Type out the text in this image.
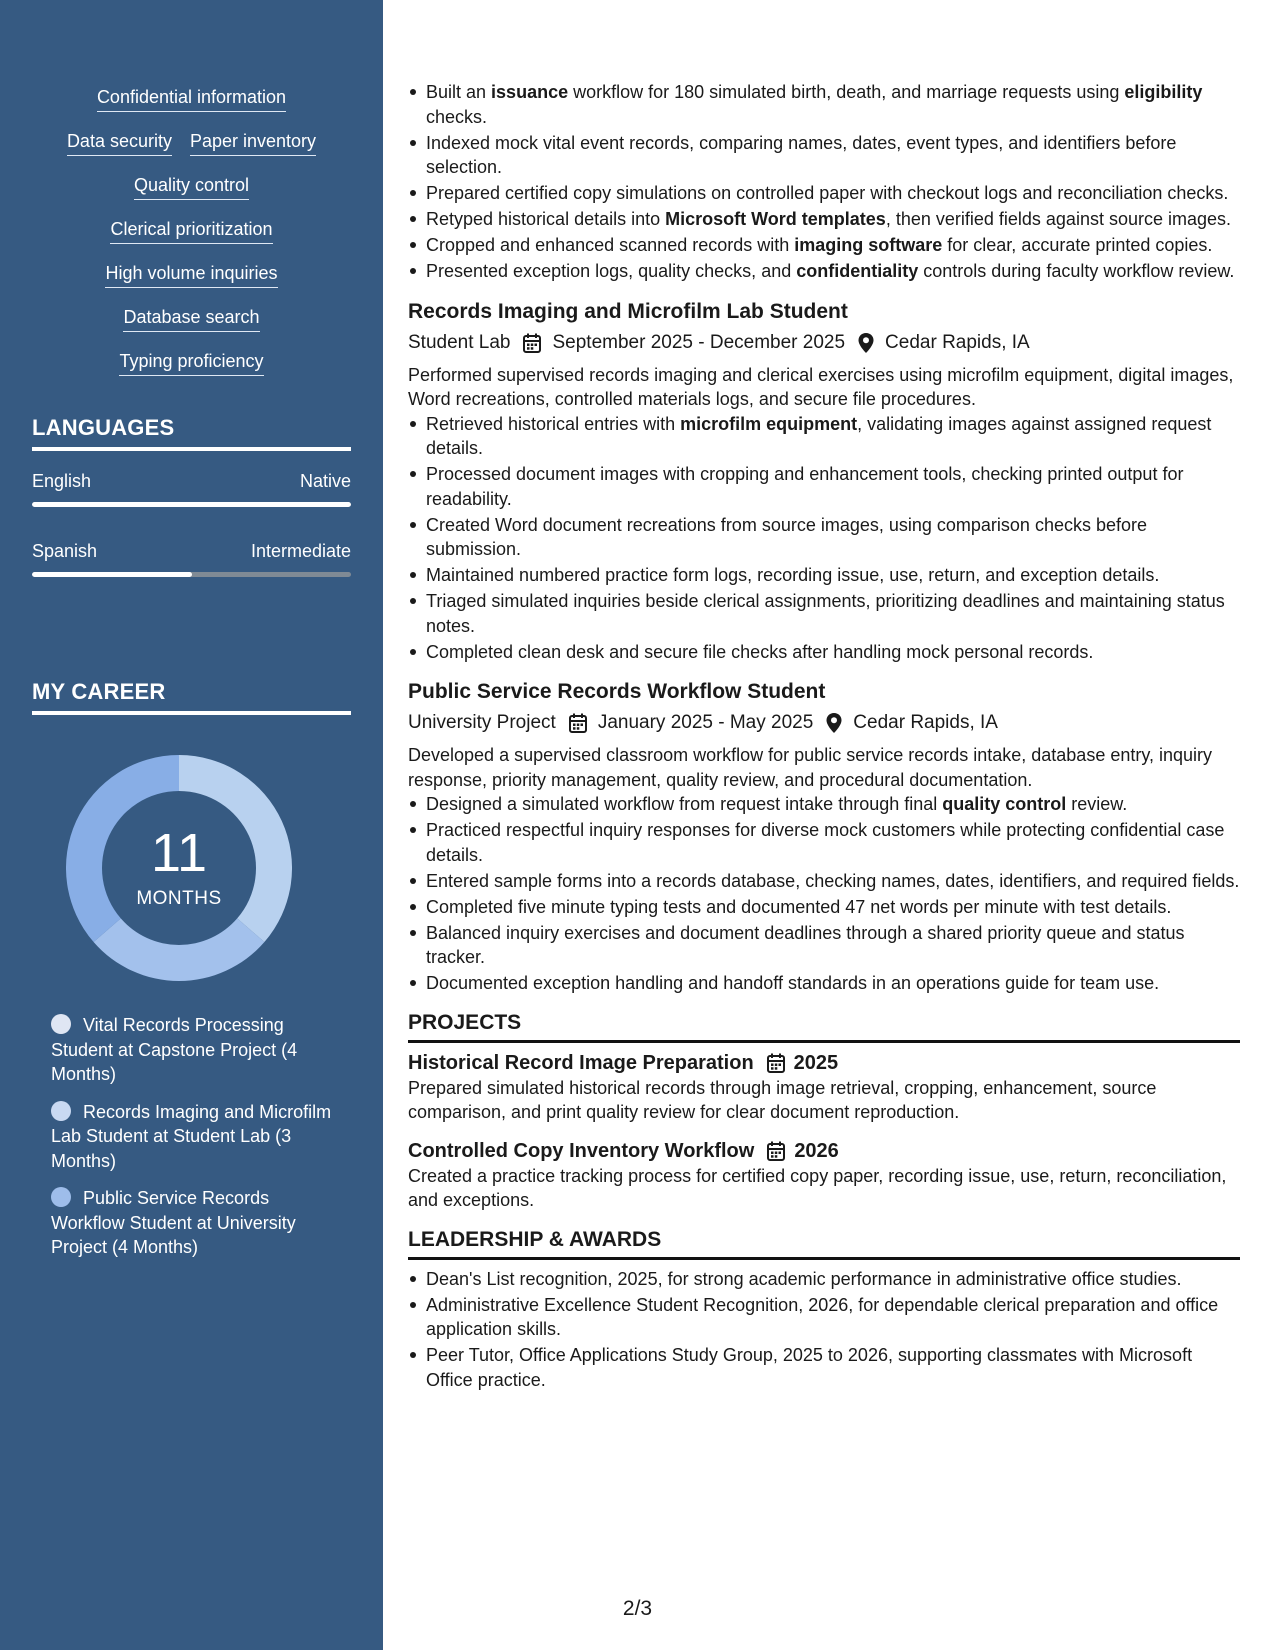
Confidential information
Data security Paper inventory
Quality control
Clerical prioritization
High volume inquiries
Database search
Typing proficiency
LANGUAGES
English	Native
Spanish	Intermediate
MY CAREER
11
MONTHS
Vital Records Processing Student at Capstone Project (4 Months)
Records Imaging and Microfilm Lab Student at Student Lab (3 Months)
Public Service Records Workflow Student at University Project (4 Months)
Built an issuance workflow for 180 simulated birth, death, and marriage requests using eligibility checks.
Indexed mock vital event records, comparing names, dates, event types, and identifiers before selection.
Prepared certified copy simulations on controlled paper with checkout logs and reconciliation checks.
Retyped historical details into Microsoft Word templates, then verified fields against source images.
Cropped and enhanced scanned records with imaging software for clear, accurate printed copies.
Presented exception logs, quality checks, and confidentiality controls during faculty workflow review.
Records Imaging and Microfilm Lab Student
Student Lab September 2025 - December 2025 Cedar Rapids, IA
Performed supervised records imaging and clerical exercises using microfilm equipment, digital images, Word recreations, controlled materials logs, and secure file procedures.
Retrieved historical entries with microfilm equipment, validating images against assigned request details.
Processed document images with cropping and enhancement tools, checking printed output for readability.
Created Word document recreations from source images, using comparison checks before submission.
Maintained numbered practice form logs, recording issue, use, return, and exception details.
Triaged simulated inquiries beside clerical assignments, prioritizing deadlines and maintaining status notes.
Completed clean desk and secure file checks after handling mock personal records.
Public Service Records Workflow Student
University Project January 2025 - May 2025 Cedar Rapids, IA
Developed a supervised classroom workflow for public service records intake, database entry, inquiry response, priority management, quality review, and procedural documentation.
Designed a simulated workflow from request intake through final quality control review.
Practiced respectful inquiry responses for diverse mock customers while protecting confidential case details.
Entered sample forms into a records database, checking names, dates, identifiers, and required fields.
Completed five minute typing tests and documented 47 net words per minute with test details.
Balanced inquiry exercises and document deadlines through a shared priority queue and status tracker.
Documented exception handling and handoff standards in an operations guide for team use.
PROJECTS
Historical Record Image Preparation 2025
Prepared simulated historical records through image retrieval, cropping, enhancement, source comparison, and print quality review for clear document reproduction.
Controlled Copy Inventory Workflow 2026
Created a practice tracking process for certified copy paper, recording issue, use, return, reconciliation, and exceptions.
LEADERSHIP & AWARDS
Dean's List recognition, 2025, for strong academic performance in administrative office studies.
Administrative Excellence Student Recognition, 2026, for dependable clerical preparation and office application skills.
Peer Tutor, Office Applications Study Group, 2025 to 2026, supporting classmates with Microsoft Office practice.
2/3
